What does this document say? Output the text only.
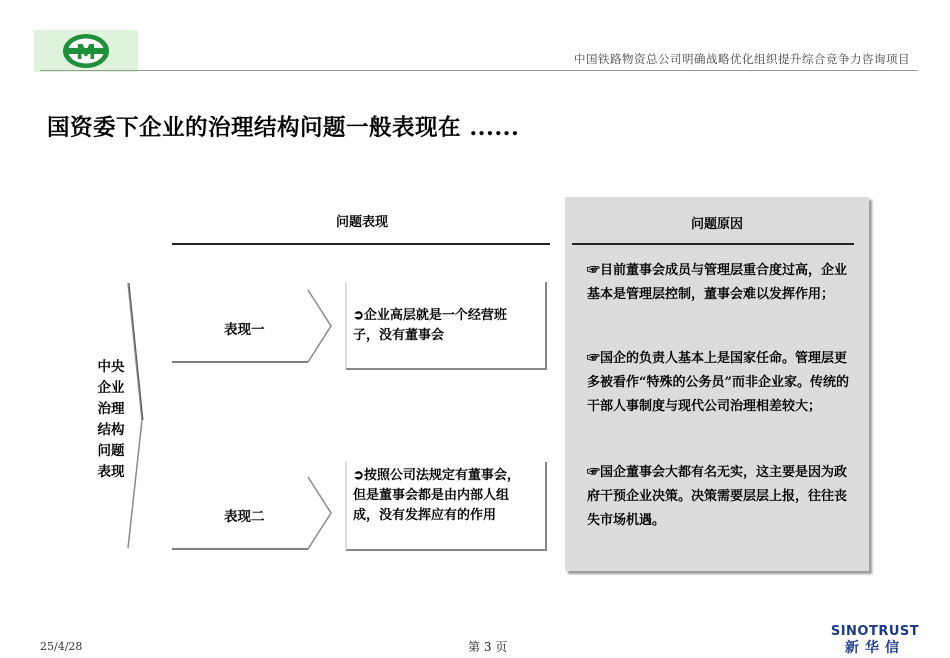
M	中国铁路物资总公司明确战略优化组织提升综合竞争力咨询项目
国资委下企业的治理结构问题一般表现在 ......
问题表现
中央
企业
治理
结构
问题
表现
表现一
表现二
➲企业高层就是一个经营班子，没有董事会
➲按照公司法规定有董事会，但是董事会都是由内部人组成，没有发挥应有的作用
问题原因
☞目前董事会成员与管理层重合度过高，企业基本是管理层控制，董事会难以发挥作用；
☞国企的负责人基本上是国家任命。管理层更多被看作“特殊的公务员”而非企业家。传统的干部人事制度与现代公司治理相差较大；
☞国企董事会大都有名无实，这主要是因为政府干预企业决策。决策需要层层上报，往往丧失市场机遇。
25/4/28	第 3 页
SINOTRUST
新华信
